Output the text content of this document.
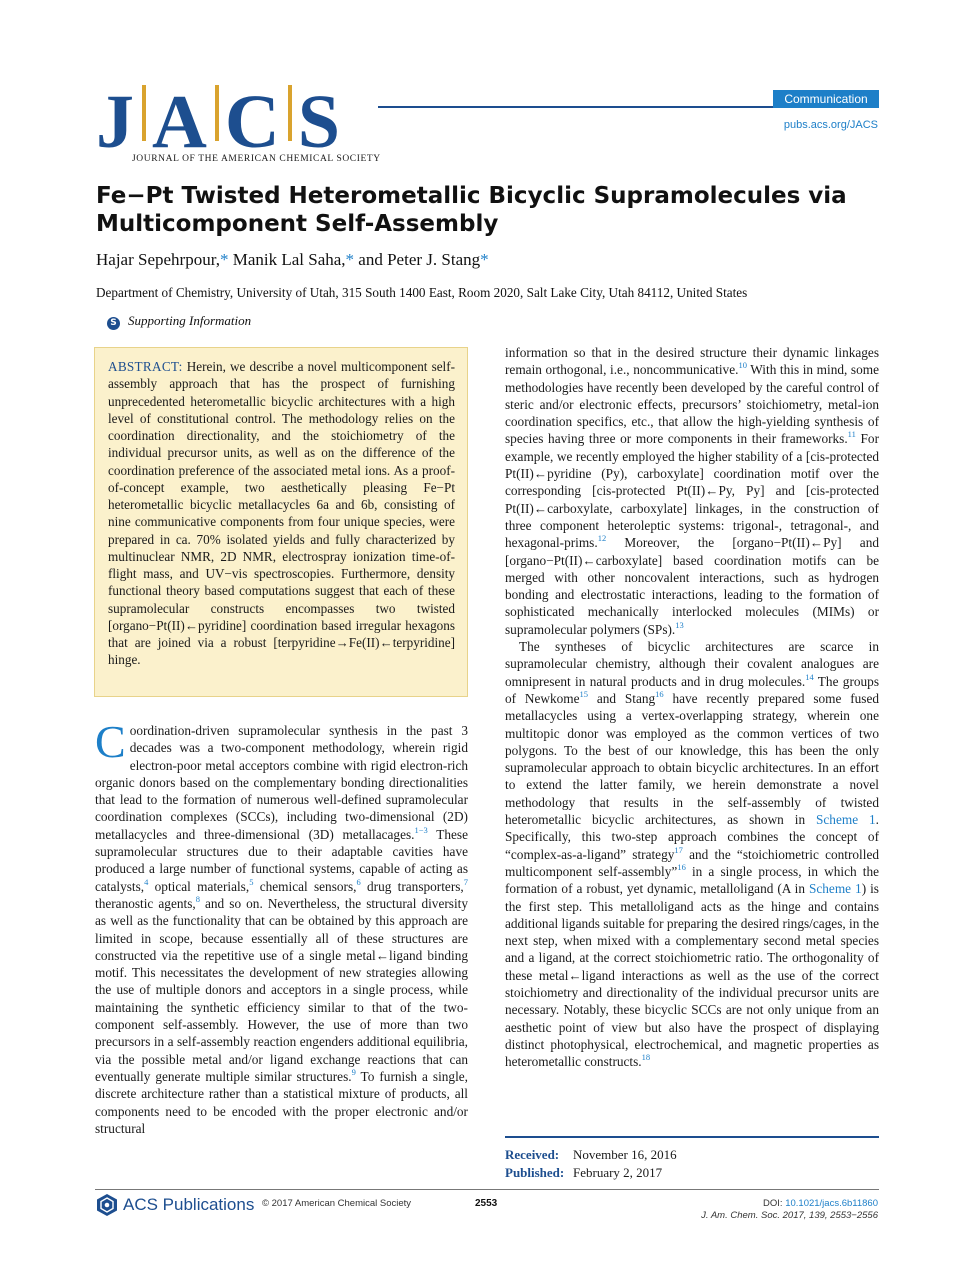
J A C S
JOURNAL OF THE AMERICAN CHEMICAL SOCIETY
Communication
pubs.acs.org/JACS
Fe−Pt Twisted Heterometallic Bicyclic Supramolecules via Multicomponent Self-Assembly
Hajar Sepehrpour,* Manik Lal Saha,* and Peter J. Stang*
Department of Chemistry, University of Utah, 315 South 1400 East, Room 2020, Salt Lake City, Utah 84112, United States
S Supporting Information
ABSTRACT: Herein, we describe a novel multicomponent self-assembly approach that has the prospect of furnishing unprecedented heterometallic bicyclic architectures with a high level of constitutional control. The methodology relies on the coordination directionality, and the stoichiometry of the individual precursor units, as well as on the difference of the coordination preference of the associated metal ions. As a proof-of-concept example, two aesthetically pleasing Fe−Pt heterometallic bicyclic metallacycles 6a and 6b, consisting of nine communicative components from four unique species, were prepared in ca. 70% isolated yields and fully characterized by multinuclear NMR, 2D NMR, electrospray ionization time-of-flight mass, and UV−vis spectroscopies. Furthermore, density functional theory based computations suggest that each of these supramolecular constructs encompasses two twisted [organo−Pt(II)←pyridine] coordination based irregular hexagons that are joined via a robust [terpyridine→Fe(II)←terpyridine] hinge.

Coordination-driven supramolecular synthesis in the past 3 decades was a two-component methodology, wherein rigid electron-poor metal acceptors combine with rigid electron-rich organic donors based on the complementary bonding directionalities that lead to the formation of numerous well-defined supramolecular coordination complexes (SCCs), including two-dimensional (2D) metallacycles and three-dimensional (3D) metallacages.$^{1-3}$ These supramolecular structures due to their adaptable cavities have produced a large number of functional systems, capable of acting as catalysts,$^4$ optical materials,$^5$ chemical sensors,$^6$ drug transporters,$^7$ theranostic agents,$^8$ and so on. Nevertheless, the structural diversity as well as the functionality that can be obtained by this approach are limited in scope, because essentially all of these structures are constructed via the repetitive use of a single metal←ligand binding motif. This necessitates the development of new strategies allowing the use of multiple donors and acceptors in a single process, while maintaining the synthetic efficiency similar to that of the two-component self-assembly. However, the use of more than two precursors in a self-assembly reaction engenders additional equilibria, via the possible metal and/or ligand exchange reactions that can eventually generate multiple similar structures.$^9$ To furnish a single, discrete architecture rather than a statistical mixture of products, all components need to be encoded with the proper electronic and/or structural

information so that in the desired structure their dynamic linkages remain orthogonal, i.e., noncommunicative.$^{10}$ With this in mind, some methodologies have recently been developed by the careful control of steric and/or electronic effects, precursors’ stoichiometry, metal-ion coordination specifics, etc., that allow the high-yielding synthesis of species having three or more components in their frameworks.$^{11}$ For example, we recently employed the higher stability of a [cis-protected Pt(II)←pyridine (Py), carboxylate] coordination motif over the corresponding [cis-protected Pt(II)←Py, Py] and [cis-protected Pt(II)←carboxylate, carboxylate] linkages, in the construction of three component heteroleptic systems: trigonal-, tetragonal-, and hexagonal-prims.$^{12}$ Moreover, the [organo−Pt(II)←Py] and [organo−Pt(II)←carboxylate] based coordination motifs can be merged with other noncovalent interactions, such as hydrogen bonding and electrostatic interactions, leading to the formation of sophisticated mechanically interlocked molecules (MIMs) or supramolecular polymers (SPs).$^{13}$

The syntheses of bicyclic architectures are scarce in supramolecular chemistry, although their covalent analogues are omnipresent in natural products and in drug molecules.$^{14}$ The groups of Newkome$^{15}$ and Stang$^{16}$ have recently prepared some fused metallacycles using a vertex-overlapping strategy, wherein one multitopic donor was employed as the common vertices of two polygons. To the best of our knowledge, this has been the only supramolecular approach to obtain bicyclic architectures. In an effort to extend the latter family, we herein demonstrate a novel methodology that results in the self-assembly of twisted heterometallic bicyclic architectures, as shown in Scheme 1. Specifically, this two-step approach combines the concept of “complex-as-a-ligand” strategy$^{17}$ and the “stoichiometric controlled multicomponent self-assembly”$^{16}$ in a single process, in which the formation of a robust, yet dynamic, metalloligand (A in Scheme 1) is the first step. This metalloligand acts as the hinge and contains additional ligands suitable for preparing the desired rings/cages, in the next step, when mixed with a complementary second metal species and a ligand, at the correct stoichiometric ratio. The orthogonality of these metal←ligand interactions as well as the use of the correct stoichiometry and directionality of the individual precursor units are necessary. Notably, these bicyclic SCCs are not only unique from an aesthetic point of view but also have the prospect of displaying distinct photophysical, electrochemical, and magnetic properties as heterometallic constructs.$^{18}$

Received: November 16, 2016
Published: February 2, 2017
ACS Publications © 2017 American Chemical Society	2553	DOI: 10.1021/jacs.6b11860
J. Am. Chem. Soc. 2017, 139, 2553−2556
